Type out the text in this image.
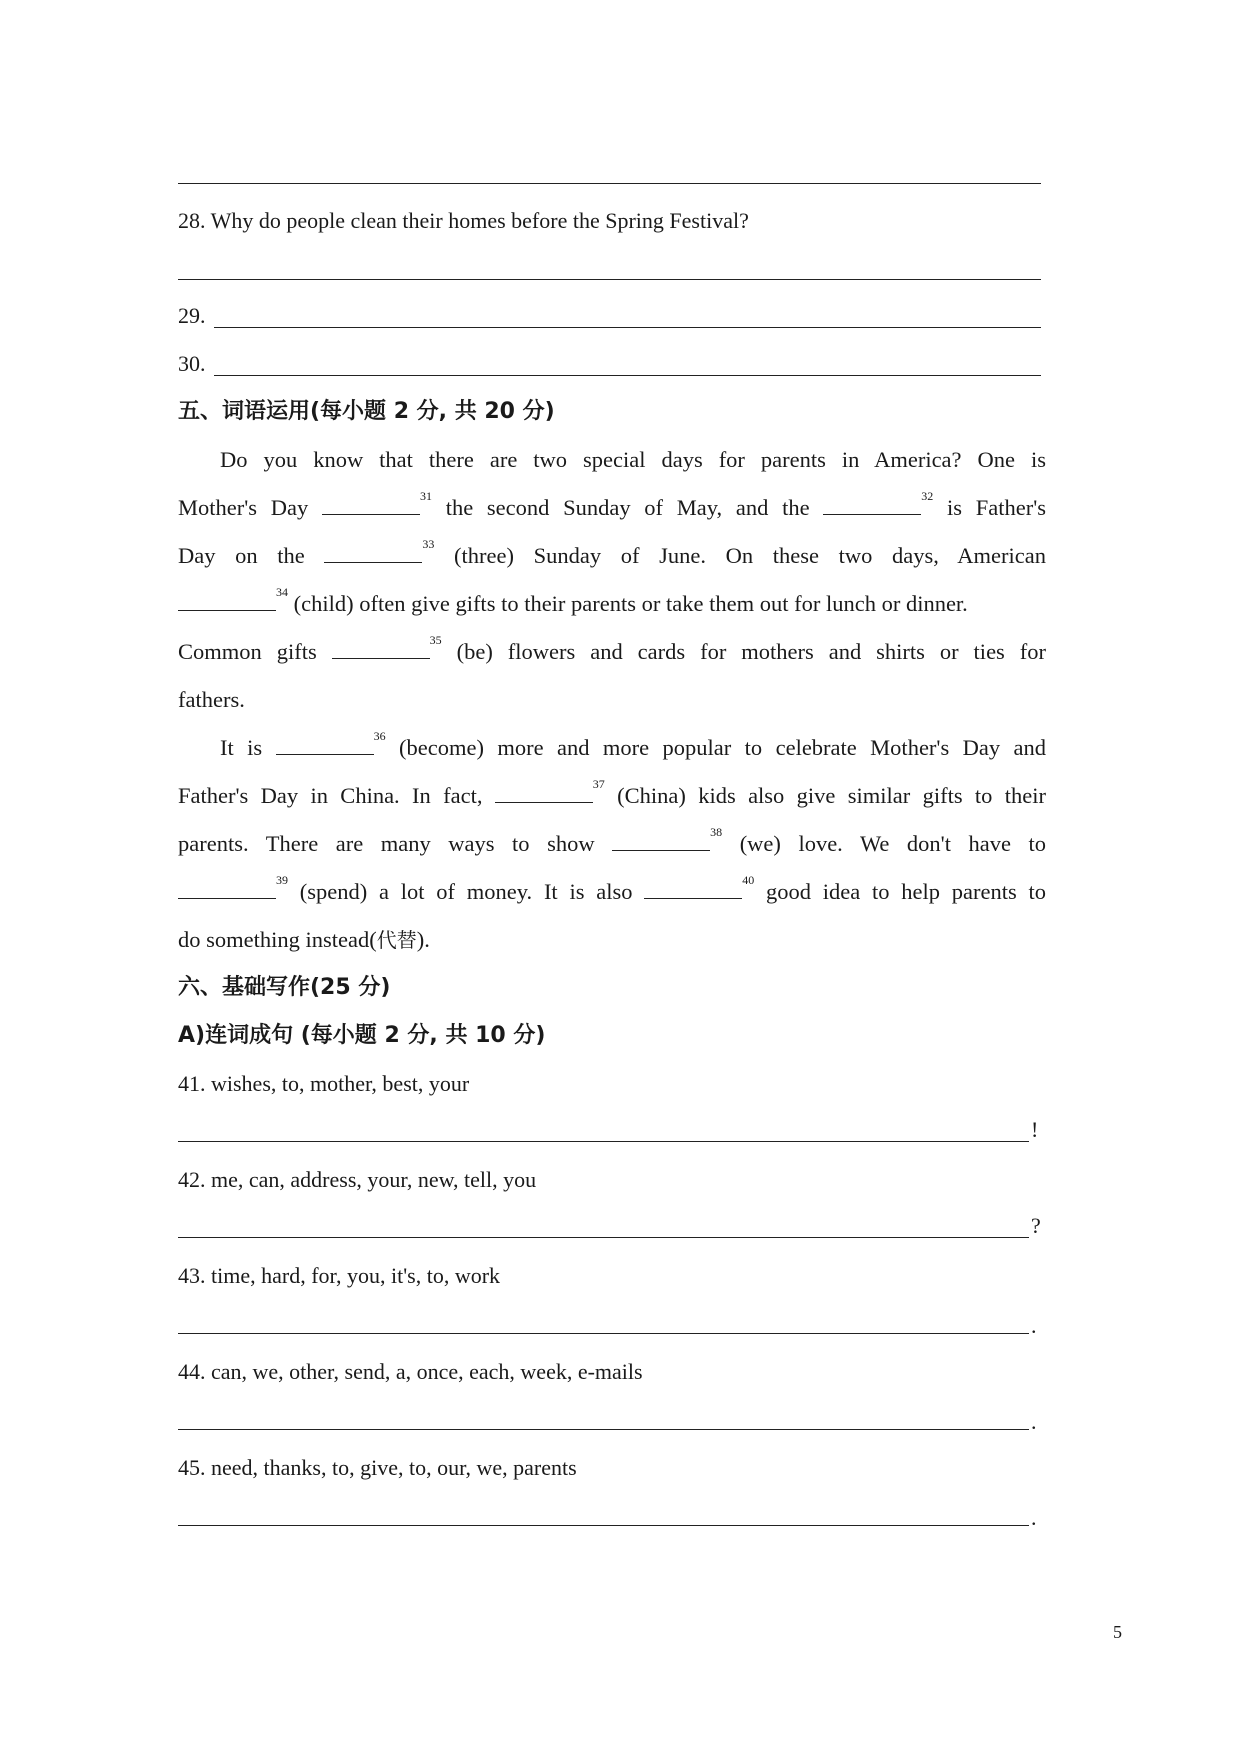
28. Why do people clean their homes before the Spring Festival?
29.
30.
五、词语运用(每小题 2 分, 共 20 分)
Do you know that there are two special days for parents in America? One is
Mother's Day	$^{31}$ the second Sunday of May, and the	$^{32}$ is Father's
Day on the	$^{33}$ (three) Sunday of June. On these two days, American
$^{34}$ (child) often give gifts to their parents or take them out for lunch or dinner.
Common gifts	$^{35}$ (be) flowers and cards for mothers and shirts or ties for
fathers.
It is	$^{36}$ (become) more and more popular to celebrate Mother's Day and
Father's Day in China. In fact,	$^{37}$ (China) kids also give similar gifts to their
parents. There are many ways to show	$^{38}$ (we) love. We don't have to
$^{39}$ (spend) a lot of money. It is also	$^{40}$ good idea to help parents to
do something instead(代替).
六、基础写作(25 分)
A)连词成句 (每小题 2 分, 共 10 分)
41. wishes, to, mother, best, your
!
42. me, can, address, your, new, tell, you
?
43. time, hard, for, you, it's, to, work
.
44. can, we, other, send, a, once, each, week, e-mails
.
45. need, thanks, to, give, to, our, we, parents
.
5
